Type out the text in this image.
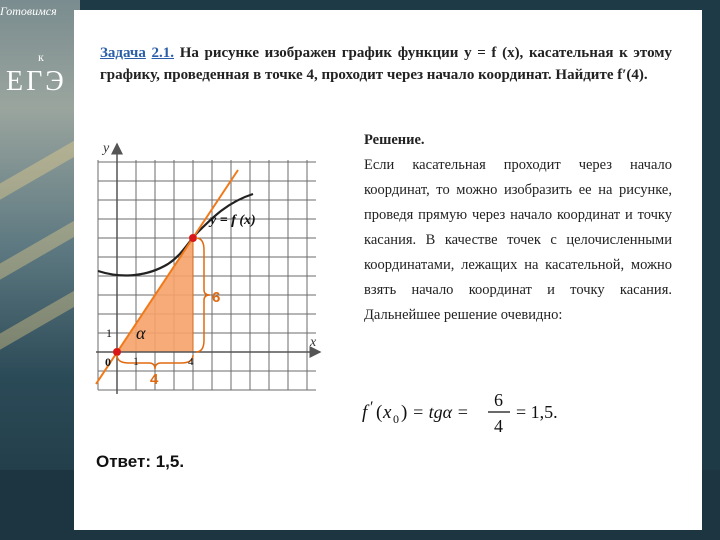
Готовимся
к
ЕГЭ
Задача 2.1. На рисунке изображен график функции y = f (x), касательная к этому графику, проведенная в точке 4, проходит через начало координат. Найдите f′(4).
y
x
y = f (x)
1
1
0	4
α
6
4
Решение.
Если касательная проходит через начало координат, то можно изобразить ее на рисунке, проведя прямую через начало координат и точку касания. В качестве точек с целочисленными координатами, лежащих на касательной, можно взять начало координат и точку касания. Дальнейшее решение очевидно:
f ′ ( x 0 ) = tgα =
6
4
= 1,5.
Ответ: 1,5.
